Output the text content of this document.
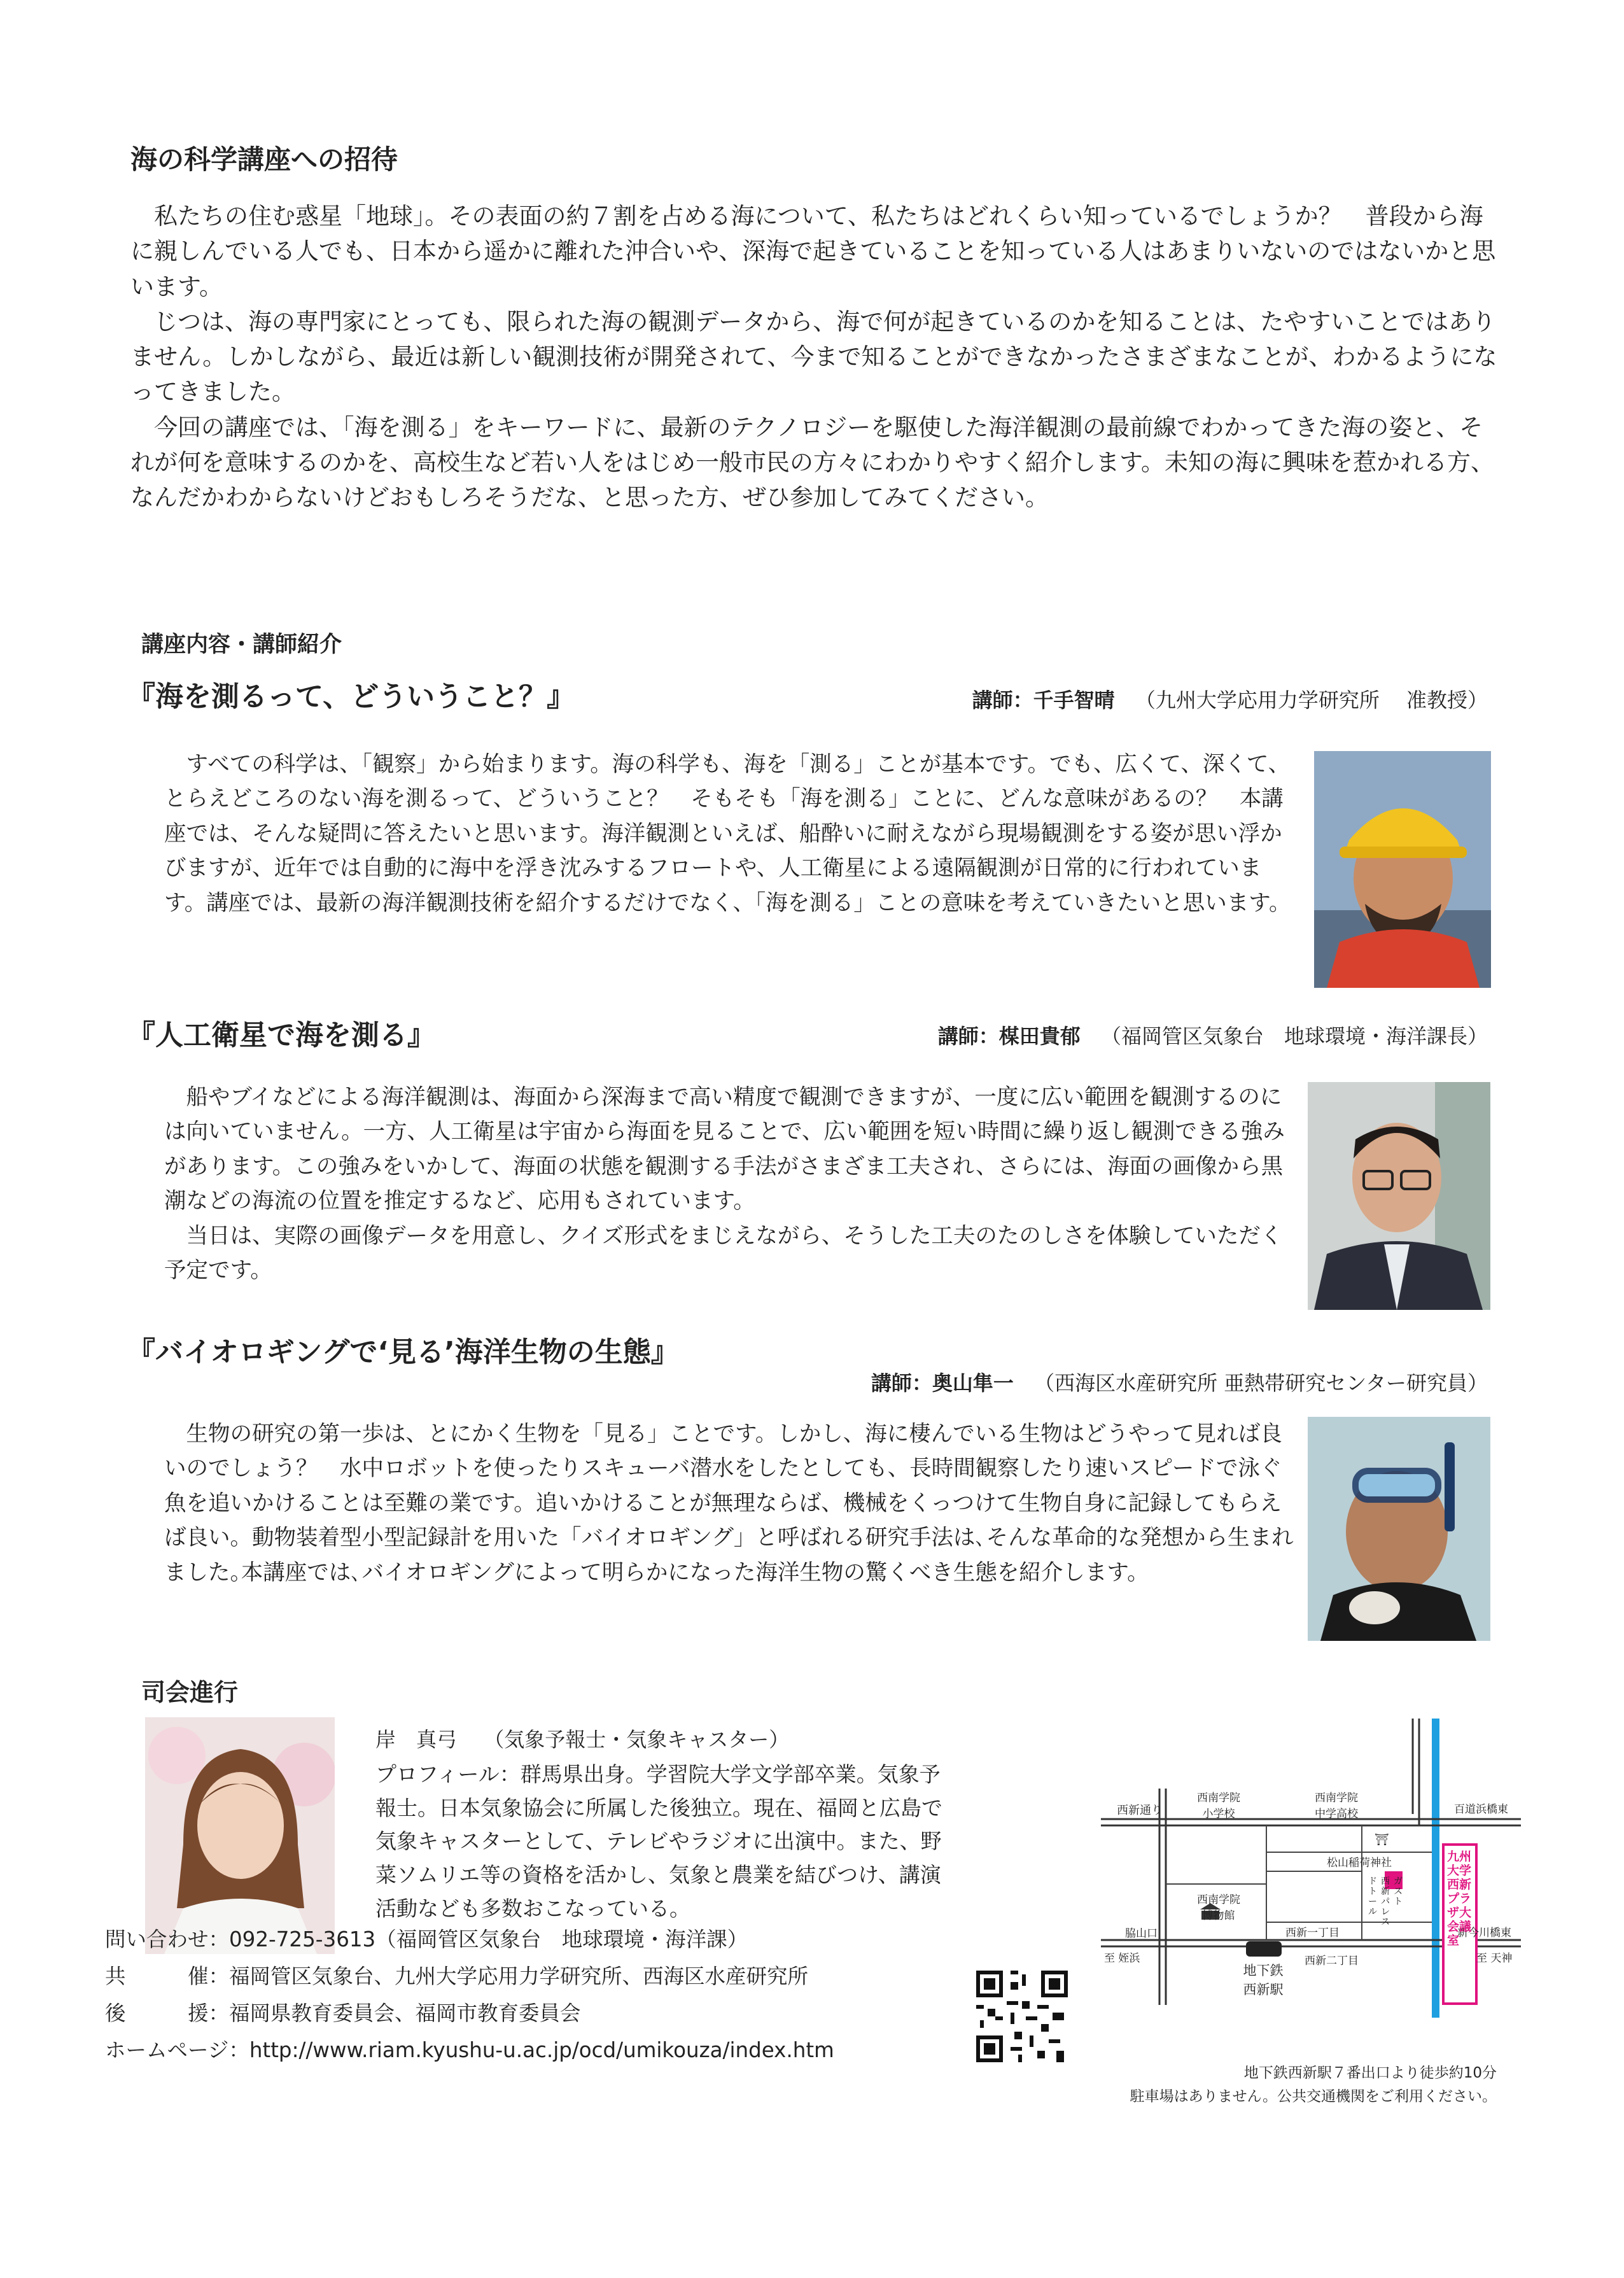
海の科学講座への招待

私たちの住む惑星「地球」。その表面の約７割を占める海について、私たちはどれくらい知っているでしょうか？　普段から海に親しんでいる人でも、日本から遥かに離れた沖合いや、深海で起きていることを知っている人はあまりいないのではないかと思います。

じつは、海の専門家にとっても、限られた海の観測データから、海で何が起きているのかを知ることは、たやすいことではありません。しかしながら、最近は新しい観測技術が開発されて、今まで知ることができなかったさまざまなことが、わかるようになってきました。

今回の講座では、「海を測る」をキーワードに、最新のテクノロジーを駆使した海洋観測の最前線でわかってきた海の姿と、それが何を意味するのかを、高校生など若い人をはじめ一般市民の方々にわかりやすく紹介します。未知の海に興味を惹かれる方、なんだかわからないけどおもしろそうだな、と思った方、ぜひ参加してみてください。

講座内容・講師紹介
『海を測るって、どういうこと？』	講師：千手智晴 （九州大学応用力学研究所　 准教授）

すべての科学は、「観察」から始まります。海の科学も、海を「測る」ことが基本です。でも、広くて、深くて、とらえどころのない海を測るって、どういうこと？　そもそも「海を測る」ことに、どんな意味があるの？　本講座では、そんな疑問に答えたいと思います。海洋観測といえば、船酔いに耐えながら現場観測をする姿が思い浮かびますが、近年では自動的に海中を浮き沈みするフロートや、人工衛星による遠隔観測が日常的に行われています。講座では、最新の海洋観測技術を紹介するだけでなく、「海を測る」ことの意味を考えていきたいと思います。

『人工衛星で海を測る』	講師：楳田貴郁 （福岡管区気象台　地球環境・海洋課長）

船やブイなどによる海洋観測は、海面から深海まで高い精度で観測できますが、一度に広い範囲を観測するのには向いていません。一方、人工衛星は宇宙から海面を見ることで、広い範囲を短い時間に繰り返し観測できる強みがあります。この強みをいかして、海面の状態を観測する手法がさまざま工夫され、さらには、海面の画像から黒潮などの海流の位置を推定するなど、応用もされています。

当日は、実際の画像データを用意し、クイズ形式をまじえながら、そうした工夫のたのしさを体験していただく予定です。

『バイオロギングで‘見る’海洋生物の生態』
講師：奥山隼一 （西海区水産研究所 亜熱帯研究センター研究員）

生物の研究の第一歩は、とにかく生物を「見る」ことです。しかし、海に棲んでいる生物はどうやって見れば良いのでしょう？　水中ロボットを使ったりスキューバ潜水をしたとしても、長時間観察したり速いスピードで泳ぐ魚を追いかけることは至難の業です。追いかけることが無理ならば、機械をくっつけて生物自身に記録してもらえば良い。動物装着型小型記録計を用いた「バイオロギング」と呼ばれる研究手法は､そんな革命的な発想から生まれました｡本講座では､バイオロギングによって明らかになった海洋生物の驚くべき生態を紹介します。

司会進行
岸　真弓 （気象予報士・気象キャスター）
プロフィール：群馬県出身。学習院大学文学部卒業。気象予報士。日本気象協会に所属した後独立。現在、福岡と広島で気象キャスターとして、テレビやラジオに出演中。また、野菜ソムリエ等の資格を活かし、気象と農業を結びつけ、講演活動なども多数おこなっている。
問い合わせ：092-725-3613（福岡管区気象台　地球環境・海洋課）
共　　　催：福岡管区気象台、九州大学応用力学研究所、西海区水産研究所
後　　　援：福岡県教育委員会、福岡市教育委員会
ホームページ：http://www.riam.kyushu-u.ac.jp/ocd/umikouza/index.htm
⛩
西新通り
西南学院
小学校
西南学院
中学高校	百道浜橋東
松山稲荷神社
西南学院
博物館
脇山口	西新一丁目
西新二丁目
新今川橋東
至 姪浜	至 天神
地下鉄
西新駅
ドトール
西新パレス
ガスト
九州大学 西新プラザ大会議室
地下鉄西新駅７番出口より徒歩約10分
駐車場はありません。公共交通機関をご利用ください。
